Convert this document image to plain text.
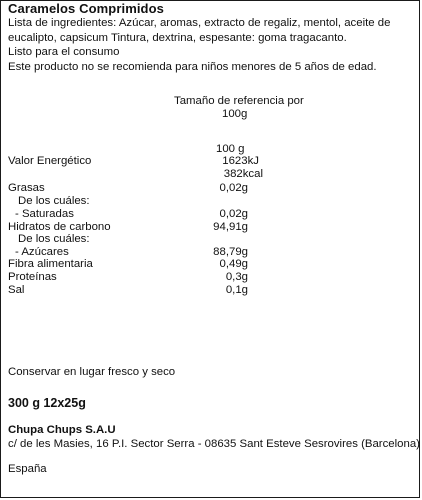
Caramelos Comprimidos
Lista de ingredientes: Azúcar, aromas, extracto de regaliz, mentol, aceite de eucalipto, capsicum Tintura, dextrina, espesante: goma tragacanto.
Listo para el consumo
Este producto no se recomienda para niños menores de 5 años de edad.
Tamaño de referencia por
100g
100 g
Valor Energético	1623kJ
382kcal
Grasas	0,02g
De los cuáles:
- Saturadas	0,02g
Hidratos de carbono	94,91g
De los cuáles:
- Azúcares	88,79g
Fibra alimentaria	0,49g
Proteínas	0,3g
Sal	0,1g
Conservar en lugar fresco y seco
300 g 12x25g
Chupa Chups S.A.U
c/ de les Masies, 16 P.I. Sector Serra - 08635 Sant Esteve Sesrovires (Barcelona)
España
